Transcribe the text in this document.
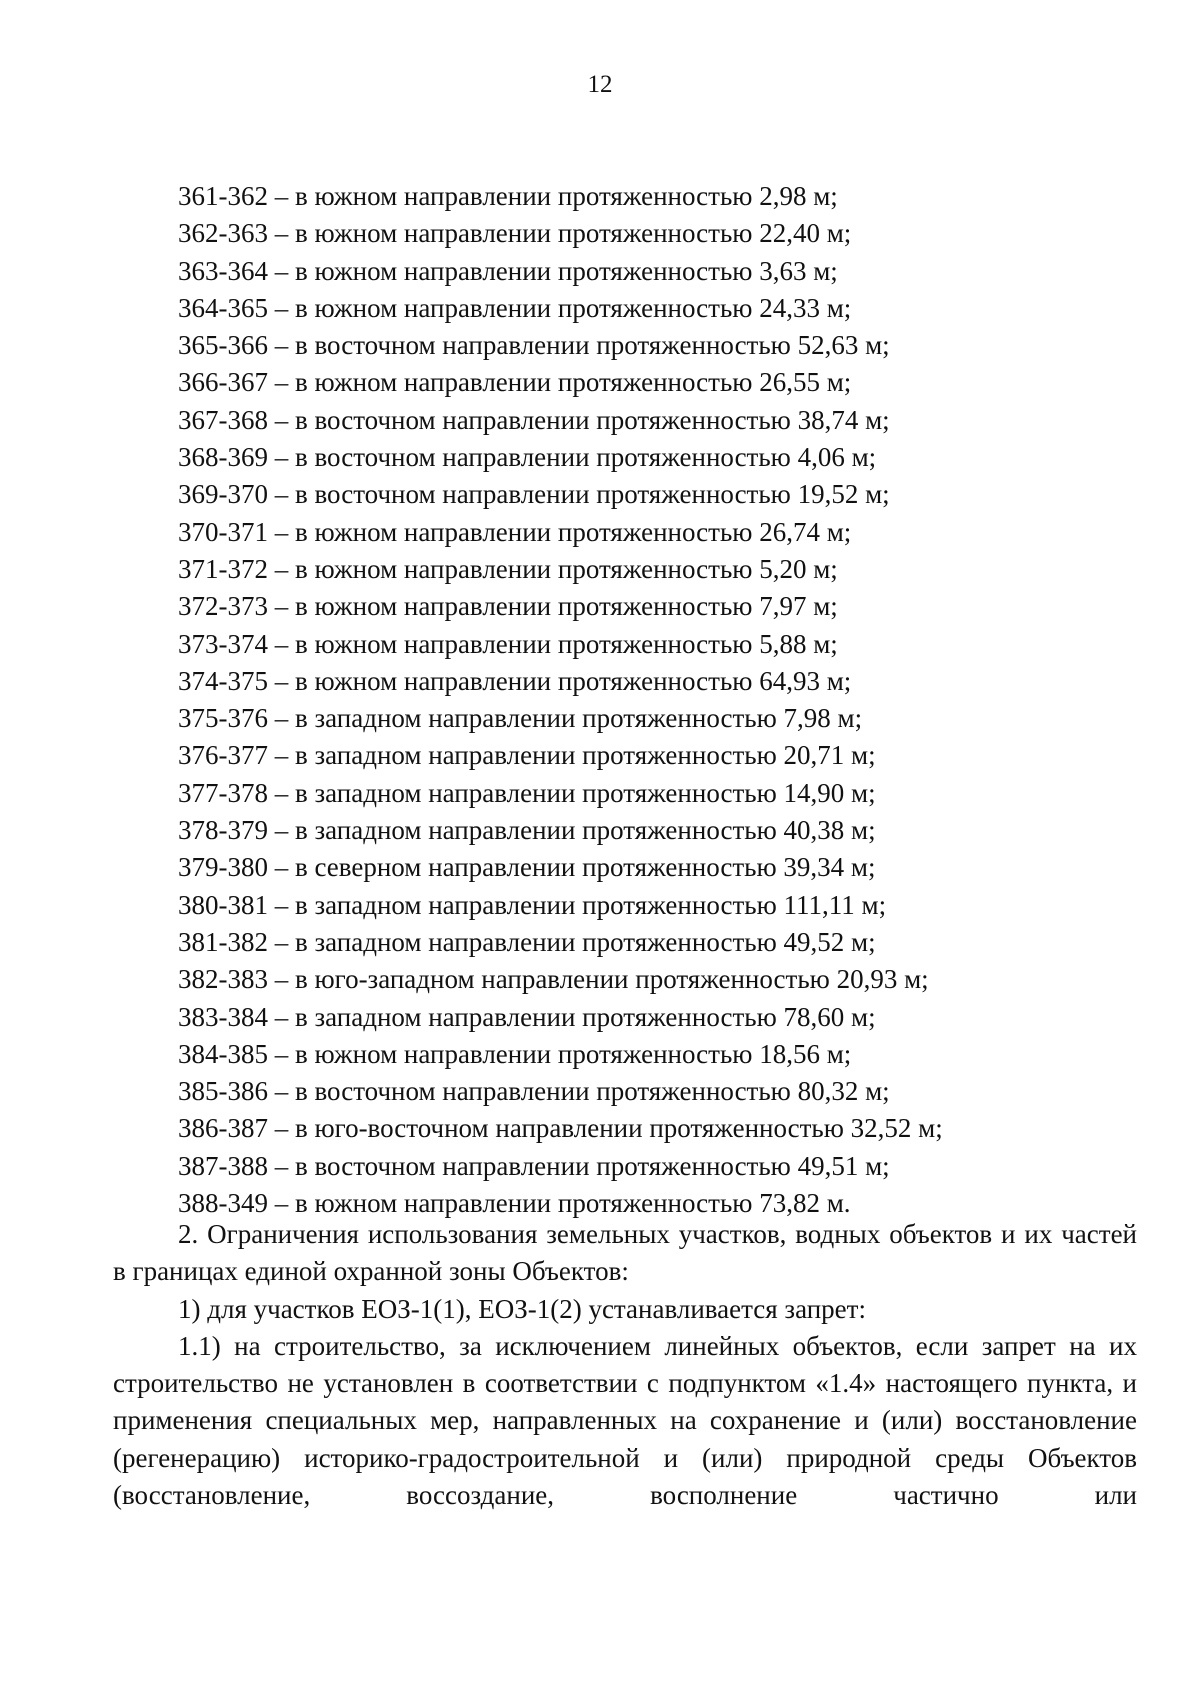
12
361-362 – в южном направлении протяженностью 2,98 м;
362-363 – в южном направлении протяженностью 22,40 м;
363-364 – в южном направлении протяженностью 3,63 м;
364-365 – в южном направлении протяженностью 24,33 м;
365-366 – в восточном направлении протяженностью 52,63 м;
366-367 – в южном направлении протяженностью 26,55 м;
367-368 – в восточном направлении протяженностью 38,74 м;
368-369 – в восточном направлении протяженностью 4,06 м;
369-370 – в восточном направлении протяженностью 19,52 м;
370-371 – в южном направлении протяженностью 26,74 м;
371-372 – в южном направлении протяженностью 5,20 м;
372-373 – в южном направлении протяженностью 7,97 м;
373-374 – в южном направлении протяженностью 5,88 м;
374-375 – в южном направлении протяженностью 64,93 м;
375-376 – в западном направлении протяженностью 7,98 м;
376-377 – в западном направлении протяженностью 20,71 м;
377-378 – в западном направлении протяженностью 14,90 м;
378-379 – в западном направлении протяженностью 40,38 м;
379-380 – в северном направлении протяженностью 39,34 м;
380-381 – в западном направлении протяженностью 111,11 м;
381-382 – в западном направлении протяженностью 49,52 м;
382-383 – в юго-западном направлении протяженностью 20,93 м;
383-384 – в западном направлении протяженностью 78,60 м;
384-385 – в южном направлении протяженностью 18,56 м;
385-386 – в восточном направлении протяженностью 80,32 м;
386-387 – в юго-восточном направлении протяженностью 32,52 м;
387-388 – в восточном направлении протяженностью 49,51 м;
388-349 – в южном направлении протяженностью 73,82 м.

2. Ограничения использования земельных участков, водных объектов и их частей в границах единой охранной зоны Объектов:

1) для участков ЕОЗ-1(1), ЕОЗ-1(2) устанавливается запрет:

1.1) на строительство, за исключением линейных объектов, если запрет на их строительство не установлен в соответствии с подпунктом «1.4» настоящего пункта, и применения специальных мер, направленных на сохранение и (или) восстановление (регенерацию) историко-градостроительной и (или) природной среды Объектов (восстановление, воссоздание, восполнение частично или
